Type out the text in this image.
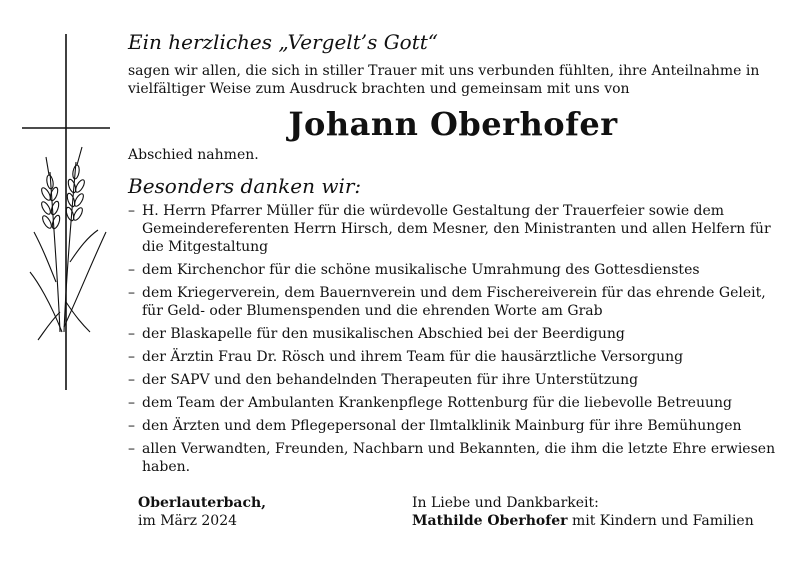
Ein herzliches „Vergelt’s Gott“

sagen wir allen, die sich in stiller Trauer mit uns verbunden fühlten, ihre Anteilnahme in vielfältiger Weise zum Ausdruck brachten und gemeinsam mit uns von

Johann Oberhofer

Abschied nahmen.

Besonders danken wir:
– H. Herrn Pfarrer Müller für die würdevolle Gestaltung der Trauerfeier sowie dem Gemeindereferenten Herrn Hirsch, dem Mesner, den Ministranten und allen Helfern für die Mitgestaltung
– dem Kirchenchor für die schöne musikalische Umrahmung des Gottesdienstes
– dem Kriegerverein, dem Bauernverein und dem Fischereiverein für das ehrende Geleit, für Geld- oder Blumenspenden und die ehrenden Worte am Grab
– der Blaskapelle für den musikalischen Abschied bei der Beerdigung
– der Ärztin Frau Dr. Rösch und ihrem Team für die hausärztliche Versorgung
– der SAPV und den behandelnden Therapeuten für ihre Unterstützung
– dem Team der Ambulanten Krankenpflege Rottenburg für die liebevolle Betreuung
– den Ärzten und dem Pflegepersonal der Ilmtalklinik Mainburg für ihre Bemühungen
– allen Verwandten, Freunden, Nachbarn und Bekannten, die ihm die letzte Ehre erwiesen haben.
Oberlauterbach,
im März 2024
In Liebe und Dankbarkeit:
Mathilde Oberhofer mit Kindern und Familien
